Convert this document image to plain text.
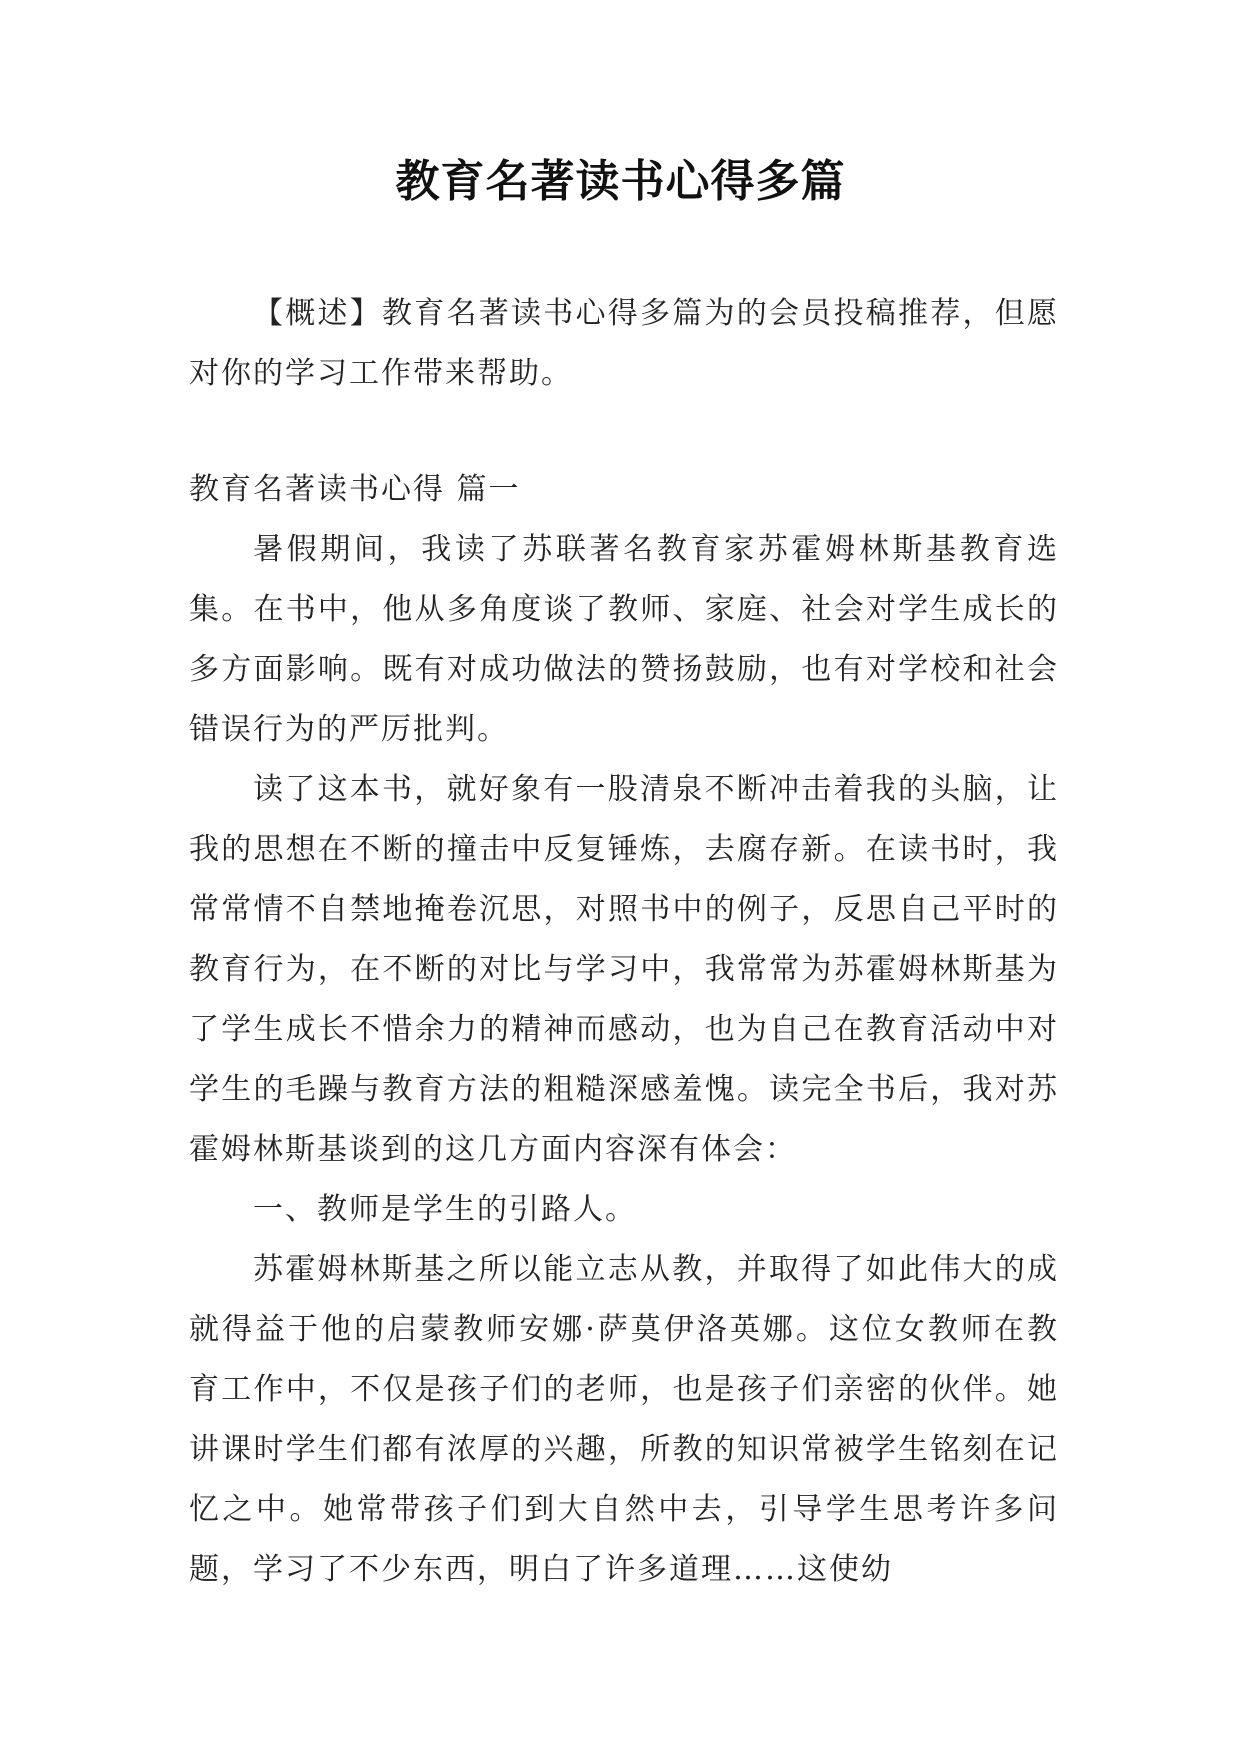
教育名著读书心得多篇

【概述】教育名著读书心得多篇为的会员投稿推荐，但愿对你的学习工作带来帮助。

教育名著读书心得 篇一

暑假期间，我读了苏联著名教育家苏霍姆林斯基教育选集。在书中，他从多角度谈了教师、家庭、社会对学生成长的多方面影响。既有对成功做法的赞扬鼓励，也有对学校和社会错误行为的严厉批判。

读了这本书，就好象有一股清泉不断冲击着我的头脑，让我的思想在不断的撞击中反复锤炼，去腐存新。在读书时，我常常情不自禁地掩卷沉思，对照书中的例子，反思自己平时的教育行为，在不断的对比与学习中，我常常为苏霍姆林斯基为了学生成长不惜余力的精神而感动，也为自己在教育活动中对学生的毛躁与教育方法的粗糙深感羞愧。读完全书后，我对苏霍姆林斯基谈到的这几方面内容深有体会：

一、教师是学生的引路人。

苏霍姆林斯基之所以能立志从教，并取得了如此伟大的成就得益于他的启蒙教师安娜·萨莫伊洛英娜。这位女教师在教育工作中，不仅是孩子们的老师，也是孩子们亲密的伙伴。她讲课时学生们都有浓厚的兴趣，所教的知识常被学生铭刻在记忆之中。她常带孩子们到大自然中去，引导学生思考许多问题，学习了不少东西，明白了许多道理……这使幼
